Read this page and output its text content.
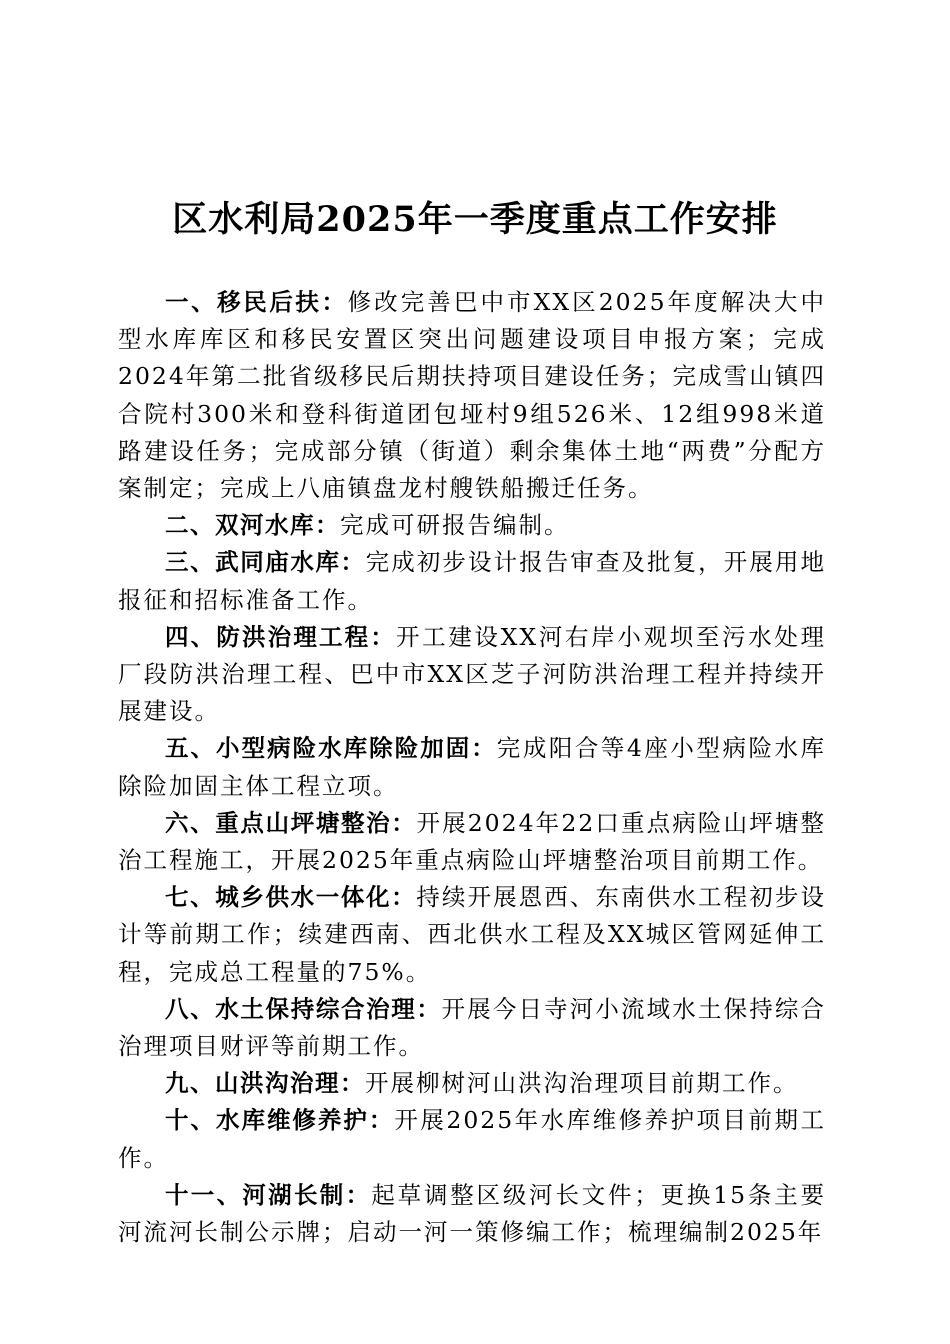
区水利局2025年一季度重点工作安排

一、移民后扶：修改完善巴中市XX区2025年度解决大中型水库库区和移民安置区突出问题建设项目申报方案；完成2024年第二批省级移民后期扶持项目建设任务；完成雪山镇四合院村300米和登科街道团包垭村9组526米、12组998米道路建设任务；完成部分镇（街道）剩余集体土地“两费”分配方案制定；完成上八庙镇盘龙村艘铁船搬迁任务。

二、双河水库：完成可研报告编制。

三、武同庙水库：完成初步设计报告审查及批复，开展用地报征和招标准备工作。

四、防洪治理工程：开工建设XX河右岸小观坝至污水处理厂段防洪治理工程、巴中市XX区芝子河防洪治理工程并持续开展建设。

五、小型病险水库除险加固：完成阳合等4座小型病险水库除险加固主体工程立项。

六、重点山坪塘整治：开展2024年22口重点病险山坪塘整治工程施工，开展2025年重点病险山坪塘整治项目前期工作。

七、城乡供水一体化：持续开展恩西、东南供水工程初步设计等前期工作；续建西南、西北供水工程及XX城区管网延伸工程，完成总工程量的75%。

八、水土保持综合治理：开展今日寺河小流域水土保持综合治理项目财评等前期工作。

九、山洪沟治理：开展柳树河山洪沟治理项目前期工作。

十、水库维修养护：开展2025年水库维修养护项目前期工作。

十一、河湖长制：起草调整区级河长文件；更换15条主要河流河长制公示牌；启动一河一策修编工作；梳理编制2025年
